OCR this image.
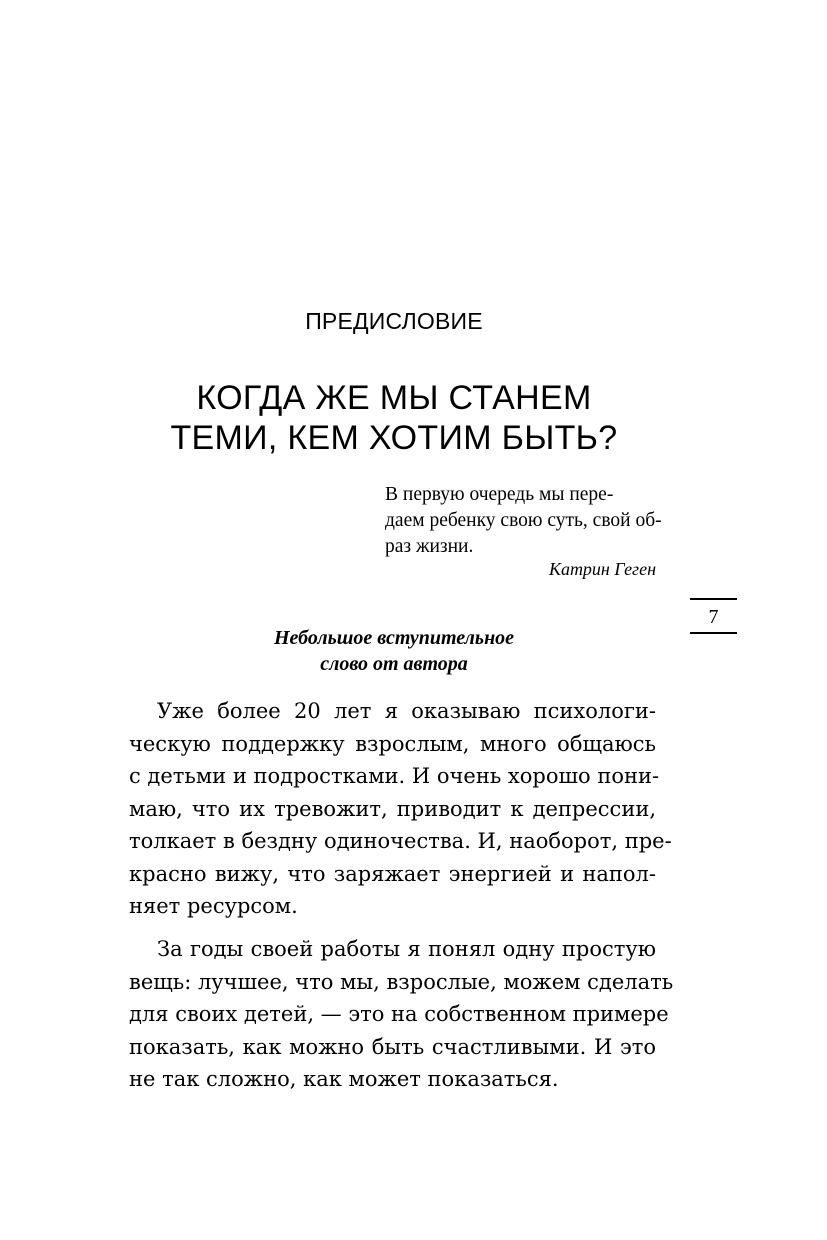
ПРЕДИСЛОВИЕ
КОГДА ЖЕ МЫ СТАНЕМ
ТЕМИ, КЕМ ХОТИМ БЫТЬ?
В первую очередь мы пере-
даем ребенку свою суть, свой об-
раз жизни.
Катрин Геген
7
Небольшое вступительное
слово от автора
Уже более 20 лет я оказываю психологи-
ческую поддержку взрослым, много общаюсь
с детьми и подростками. И очень хорошо пони-
маю, что их тревожит, приводит к депрессии,
толкает в бездну одиночества. И, наоборот, пре-
красно вижу, что заряжает энергией и напол-
няет ресурсом.
За годы своей работы я понял одну простую
вещь: лучшее, что мы, взрослые, можем сделать
для своих детей, — это на собственном примере
показать, как можно быть счастливыми. И это
не так сложно, как может показаться.
